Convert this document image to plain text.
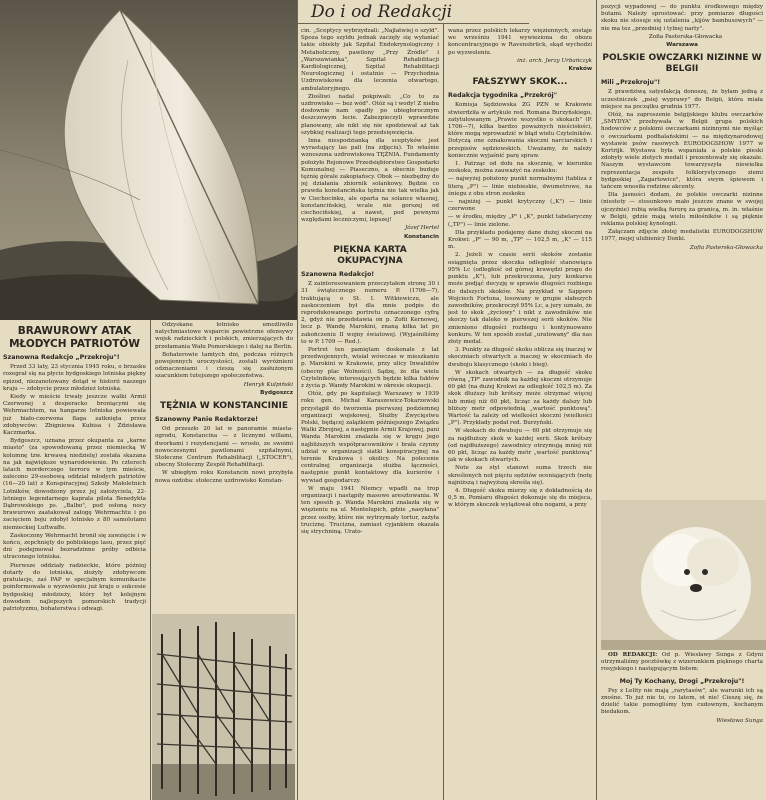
Do i od Redakcji
BRAWUROWY ATAK MŁODYCH PATRIOTÓW
Szanowna Redakcjo „Przekroju"!

Przed 33 laty, 23 stycznia 1945 roku, o brzasku rozegrał się na płycie bydgoskiego lotniska piękny epizod, niezanotowany dotąd w historii naszego kraju — zdobycie przez młodzież lotniska.

Kiedy w mieście trwały jeszcze walki Armii Czerwonej z desperacko broniącymi się Wehrmachtem, na hangarze lotniska powiewała już biało-czerwona flaga zatknięta przez zdobywców: Zbigniewa Kubisa i Zdzisława Kaczmarka.

Bydgoszcz, uznana przez okupanta za „karne miasto" (za spowodowaną przez niemiecką W kolumnę tzw. krwawą niedzielę) została skazana na jak największe wynarodowienie. Po czterech latach morderczego terroru w tym mieście, zalecono 29-osobową oddział młodych patriotów (16—20 lat) z Konspiracyjnej Szkoły Małoletnich Lotników, dowodzony przez jej założyciela, 22-letniego legendarnego kaprala pilota Benedykta Dąbrowskiego ps. „Balbo", pod osłoną nocy brawurowo zaatakował załogę Wehrmachtu i po zacięciem boju zdobył lotnisko z 80 samolotami niemieckiej Luftwaffe.

Zaskoczony Wehrmacht bronił się zawzięcie i w końcu, zepchnięty do pobliskiego lasu, przez pięć dni podejmował bezradzinne próby odbicia utraconego lotniska.

Pierwsze oddziały radzieckie, które później dotarły do lotniska, złożyły zdobywcom gratulacje, zaś PAP w specjalnym komunikacie poinformowała o wyzwoleniu już kraju o sukcesie bydgoskiej młodzieży, który był kolejnym dowodem najlepszych pomorskich tradycji patriotyzmu, bohaterstwa i odwagi.

Odzyskane lotnisko umożliwiło natychmiastowe wsparcie powietrzne ofensywy wojsk radzieckich i polskich, zmierzających do przełamania Wału Pomorskiego i dalej na Berlin.

Bohaterowie tamtych dni, podczas różnych powojennych uroczystości, zostali wyróżnieni odznaczeniami i cieszą się zasłużonym szacunkiem tutejszego społeczeństwa.

Henryk Kulpiński

Bydgoszcz
TĘŻNIA W KONSTANCINIE
Szanowny Panie Redaktorze!

Od przeszło 20 lat w panoramie miasta-ogrodu, Konstancina — z licznymi willami, dworkami i rezydencjami — wrosło, ze swoimi nowoczesnymi pawilonami szpitalnymi, Stołeczne Centrum Rehabilitacji („STOCER"), obecny Stołeczny Zespół Rehabilitacji.

W ubiegłym roku Konstancin nowi przybyła nowa ozdoba: stołeczne uzdrowisko Konstan-

cin. „Sceptycy wybrzydzali: „Najlatwiej o szyld". Spoza tego szyldu jednak zaczęły się wyłaniać takie obiekty jak Szpital Endokrynologiczny i Metaboliczny, pawilony „Przy Źródle" i „Warszawianka", Szpital Rehabilitacji Kardiologicznej, Szpital Rehabilitacji Neurologicznej i ostatnio — Przychodnia Uzdrowiskowa dla leczenia otwartego, ambulatoryjnego.

Złośliwi nadal pokpiwali: „Co to za uzdrowisko — bez wód". Otóż są i wody! Z niebu dosłownie nam spadły po ubiegłorocznym deszczowym lecie. Zabezpieczyli wprawdzie planowany, ale nikt się nie spodziewał aż tak szybkiej realizacji tego przedsięwzięcia.

Inna niespodzianką dla sceptyków jest wyrastający las pali (na zdjęciu). To właśnie wznoszona uzdrowiskowa TĘŻNIA. Fundamenty położyło Rejonowe Przedsiębiorstwo Gospodarki Komunalnej — Piaseczno, a obecnie buduje tężnię górale zakopiańscy. Obok — niezbędny do jej działania zbiornik solankowy. Będzie co prawda konstancińska tężnia nie tak wielka jak w Ciechocinku, ale oparta na solance własnej, konstancińskiej, wcale nie gorszej od ciechocińskiej, a nawet, pod pewnymi względami leczniczymi, lepszej!

Józef Hertel

Konstancin
PIĘKNA KARTA OKUPACYJNA
Szanowna Redakcjo!

Z zainteresowaniem przeczytałem stronę 30 i 31 świątecznego numeru P. (1706—7), traktującą o St. I. Witkiewiczu, ale zaskoczeniem był dla mnie podpis do reprodukowanego portretu oznaczonego cyfrą 2, gdyż nie przedstawia on p. Zofii Kernowej, lecz p. Wandę Marokini, znaną kiłka lat po zakończeniu II wojny światowej. (Wyjaśniliśmy to w P. 1709 — Red.).

Portret ten pamiętam doskonale z lat przedwojennych, wisiał wówczas w mieszkaniu p. Marokini w Krakowie, przy ulicy Inwalidów (obecny plac Wolności). Sądzę, że dla wielu Czytelników, interesujących będzie kilka faktów z życia p. Wandy Marokini w okresie okupacji.

Otóż, gdy po kapitulacji Warszawy w 1939 roku gen. Michał Karaszewicz-Tokarzewski przystąpił do tworzenia pierwszej podziemnej organizacji wojskowej, Służby Zwycięstwu Polski, będącej zalążkiem późniejszego Związku Walki Zbrojnej, a następnie Armii Krajowej, pani Wanda Marokini znalazła się w kręgu jego najbliższych współpracowników i brała czynny udział w organizacji siatki konspiracyjnej na terenie Krakowa i okolicy. Na polecenie centralnej organizacja służba łączności, następnie punkt kontaktowy dla kurierów i wywiad gospodarczy.

W maju 1941 Niemcy wpadli na trop organizacji i nastąpiły masowe aresztowania. W ten sposób p. Wanda Marokini znalazła się w więzieniu na ul. Montelupich, gdzie „nasyłana" przez osoby, które nie wytrzymały tortur, zażyła truciznę. Trucizna, zamiast cyjankiem okazała się strychniną. Urato-

wana przez polskich lekarzy więziennych, zostaje we wrześniu 1941 wywieziona do obozu koncentracyjnego w Ravensbrück, skąd wychodzi po wyzwoleniu.

inż. arch. Jerzy Urbańczyk

Kraków
FAŁSZYWY SKOK...
Redakcja tygodnika „Przekrój"

Komisja Sędziowska ZG PZN w Krakowie stwierdziła w artykule red. Romana Burzyńskiego, zatytułowanym „Prawie wszystko o skokach" (P. 1706—7), kilka bardzo poważnych nieścisłości, które mogą wprowadzić w błąd wielu Czytelników. Dotyczą one oznakowania skoczni narciarskich i przepisów sędziowskich. Uważamy, że należy koniecznie wyjaśnić parę spraw.

1. Patrząc od dołu na skocznię, w kierunku zeskoku, można zauważyć na zeskoku:

— najwyżej położony punkt normalnymi (tabliza z literą „P") — linie niebieskie, dwumetrowe, na śniegu z obu stron zeskoku

— najniżej — punkt krytyczny („K") — linie czerwone

— w środku, między „P" i „K", punkt tabelaryczny („TP") — linie zielone.

Dla przykładu podajemy dane dużej skoczni na Krokwi: „P" — 90 m, „TP" — 102,5 m, „K" — 115 m.

2. Jeżeli w czasie serii skoków zostanie osiągnięta przez skoczka odległość stanowiąca 95% Lc (odległość od górnej krawędzi progu do punktu „K"), lub przekroczona, jury konkursu może podjąć decyzję w sprawie długości rozbiegu do dalszych skoków. Na przykład w Sapporo Wojciech Fortuna, losowany w grupie słabszych zawodników, przekroczył 95% Lc, a jury uznało, że jest to skok „życiowy" i nikt z zawodników nie skoczy tak daleko w pierwszej serii skoków. Nie zmieniono długości rozbiegu i kontynuowano konkurs. W ten sposób został „uratowany" dla nas złoty medal.

3. Punkty za długość skoku oblicza się inaczej w skoczniach otwartych a inaczej w skoczniach do dwuboju klasycznego (skoki i bieg).

W skokach otwartych — za długość skoku równą „TP" zawodnik na każdej skoczni otrzymuje 60 pkt (na dużej Krokwi za odległość 102,5 m). Za skok dłuższy lub krótszy może otrzymać więcej lub mniej niż 60 pkt, licząc za każdy dalszy lub bliższy metr odpowiednią „wartość punktową". Wartość ta zależy od wielkości skoczni (wielkości „P"). Przykłady podał red. Burzyński.

W skokach do dwuboju — 60 pkt otrzymuje się za najdłuższy skok w każdej serii. Skok krótszy (od najdłuższego) zawodnicy otrzymują mniej niż 60 pkt, licząc za każdy metr „wartość punktową" jak w skokach otwartych.

Note za styl stanowi suma trzech nie skreślonych not pięciu sędziów oceniających (notę najniższą i najwyższą skreśla się).

4. Długość skoku mierzy się z dokładnością do 0,5 m. Pomiaru długości dokonuje się do miejsca, w którym skoczek wylądował obu nogami, a przy

pozycji wypadowej — do punktu środkowego między butami. Należy sprostować: przy pomiarze długości skoku nie stosuje się ustalenia „kijów bambusowych" — nie ma tez „przedniej i tylnej narty".

Zofia Pasterska-Głowacka

Warszawa
POLSKIE OWCZARKI NIZINNE W BELGII
Mili „Przekroju"!

Z prawdziwą satysfakcją donoszę, że byłam jedną z uczestniczek „psiej wyprawy" do Belgii, która miała miejsce na początku grudnia 1977.

Otóż, na zaproszenie belgijskiego klubu owczarków „SMYDYA" przebywała w Belgii grupa polskich hodowców z polskimi owczarkami nizinnymi nie myśląc o owczarkami podhalańskimi — na międzynarodowej wystawie psów rasowych EURODOGSHOW 1977 w Kortrijk. Wystawa była wspaniała a polskie pieski zdobyły wiele złotych medali i prezentowały się okazale. Naszym wystawcom towarzyszyła niewielka reprezentacja zespołu folklorystycznego ziemi bydgoskiej „Zagartowice", która swym śpiewem i tańcem wnosiła rodzime akcenty.

Dla jasności dodam, że polskie owczarki nizinne (niestety — stosunkowo mało jeszcze znane w swojej ojczyźnie) robią wielką furorę za granicą, m. in. właśnie w Belgii, gdzie mają wielu miłośników i są pięknie reklama polskiej kynologii.

Załączam zdjęcie złotej medalistki EURODOGSHOW 1977, mojej ulubienicy Donki.

Zofia Pasterska-Głowacka

OD REDAKCJI: Od p. Wiesławy Sunga z Gdyni otrzymaliśmy pocztówkę z wizerunkiem pięknego charta rosyjskiego i następującym listem:

Moj Ty Kochany, Drogi „Przekroju"!

Psy z Lelity nie mają „rarytasów", ale warunki ich są znośne. To już nie to, co latem, ot nie! Cieszę się, że dzielić takie pomogliśmy tym cudownym, kochanym biedakom.

Wiesława Sunga
